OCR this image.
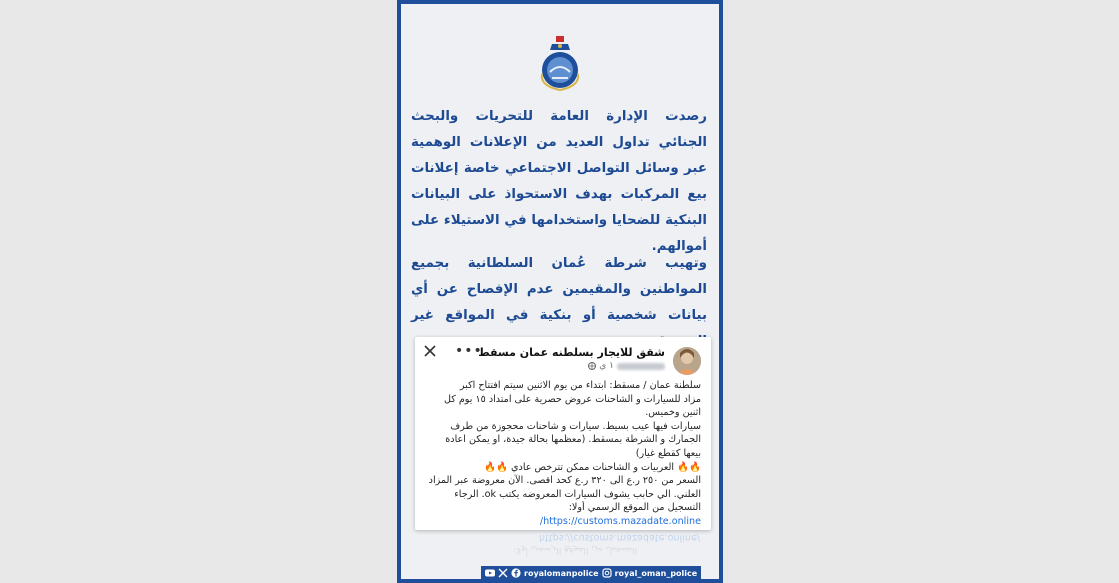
رصدت الإدارة العامة للتحريات والبحث الجنائي تداول العديد من الإعلانات الوهمية عبر وسائل التواصل الاجتماعي خاصة إعلانات بيع المركبات بهدف الاستحواذ على البيانات البنكية للضحايا واستخدامها في الاستيلاء على أموالهم.
وتهيب شرطة عُمان السلطانية بجميع المواطنين والمقيمين عدم الإفصاح عن أي بيانات شخصية أو بنكية في المواقع غير
شقق للايجار بسلطنه عمان مسقط
١ ي
•••
سلطنة عمان / مسقط: ابتداء من يوم الاثنين سيتم افتتاح اكبر
مزاد للسيارات و الشاحنات عروض حصرية على امتداد ١٥ يوم كل
اثنين وخميس.
سيارات فيها عيب بسيط. سيارات و شاحنات محجوزة من طرف
الجمارك و الشرطة بمسقط. (معظمها بحالة جيدة، او يمكن اعادة
بيعها كقطع غيار)
🔥🔥 العربيات و الشاحنات ممكن تترخص عادي 🔥🔥
السعر من ٢٥٠ ر.ع الى ٣٢٠ ر.ع كحد اقصى. الآن معروضة عبر المزاد
العلني. الي حابب يشوف السيارات المعروضه يكتب ok. الرجاء
التسجيل من الموقع الرسمي أولا:
https://customs.mazadate.online/
https://customs.mazadate.online/
التسجيل من الموقع الرسمي أولا:
royalomanpolice royal_oman_police
